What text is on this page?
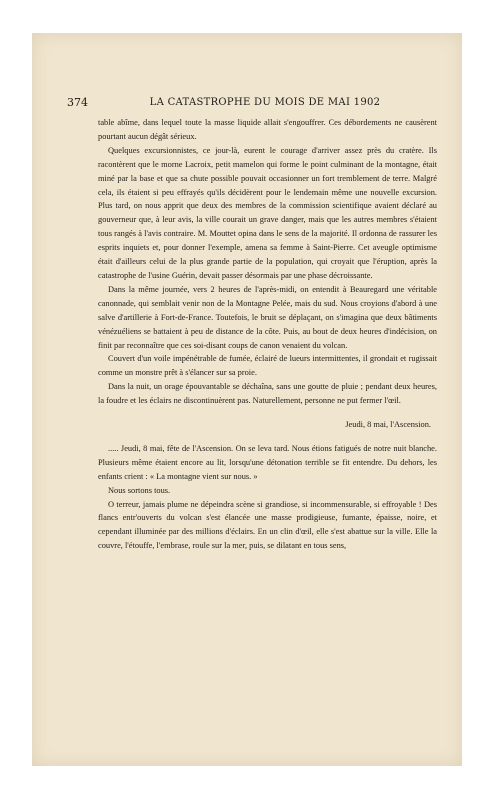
374	LA CATASTROPHE DU MOIS DE MAI 1902

table abîme, dans lequel toute la masse liquide allait s'engouffrer. Ces débordements ne causèrent pourtant aucun dégât sérieux.

Quelques excursionnistes, ce jour-là, eurent le courage d'arriver assez près du cratère. Ils racontèrent que le morne Lacroix, petit mamelon qui forme le point culminant de la montagne, était miné par la base et que sa chute possible pouvait occasionner un fort tremblement de terre. Malgré cela, ils étaient si peu effrayés qu'ils décidèrent pour le lendemain même une nouvelle excursion. Plus tard, on nous apprit que deux des membres de la commission scientifique avaient déclaré au gouverneur que, à leur avis, la ville courait un grave danger, mais que les autres membres s'étaient tous rangés à l'avis contraire. M. Mouttet opina dans le sens de la majorité. Il ordonna de rassurer les esprits inquiets et, pour donner l'exemple, amena sa femme à Saint-Pierre. Cet aveugle optimisme était d'ailleurs celui de la plus grande partie de la population, qui croyait que l'éruption, après la catastrophe de l'usine Guérin, devait passer désormais par une phase décroissante.

Dans la même journée, vers 2 heures de l'après-midi, on entendit à Beauregard une véritable canonnade, qui semblait venir non de la Montagne Pelée, mais du sud. Nous croyions d'abord à une salve d'artillerie à Fort-de-France. Toutefois, le bruit se déplaçant, on s'imagina que deux bâtiments vénézuéliens se battaient à peu de distance de la côte. Puis, au bout de deux heures d'indécision, on finit par reconnaître que ces soi-disant coups de canon venaient du volcan.

Couvert d'un voile impénétrable de fumée, éclairé de lueurs intermittentes, il grondait et rugissait comme un monstre prêt à s'élancer sur sa proie.

Dans la nuit, un orage épouvantable se déchaîna, sans une goutte de pluie ; pendant deux heures, la foudre et les éclairs ne discontinuèrent pas. Naturellement, personne ne put fermer l'œil.

Jeudi, 8 mai, l'Ascension.

..... Jeudi, 8 mai, fête de l'Ascension. On se leva tard. Nous étions fatigués de notre nuit blanche. Plusieurs même étaient encore au lit, lorsqu'une détonation terrible se fit entendre. Du dehors, les enfants crient : « La montagne vient sur nous. »

Nous sortons tous.

O terreur, jamais plume ne dépeindra scène si grandiose, si incommensurable, si effroyable ! Des flancs entr'ouverts du volcan s'est élancée une masse prodigieuse, fumante, épaisse, noire, et cependant illuminée par des millions d'éclairs. En un clin d'œil, elle s'est abattue sur la ville. Elle la couvre, l'étouffe, l'embrase, roule sur la mer, puis, se dilatant en tous sens,
